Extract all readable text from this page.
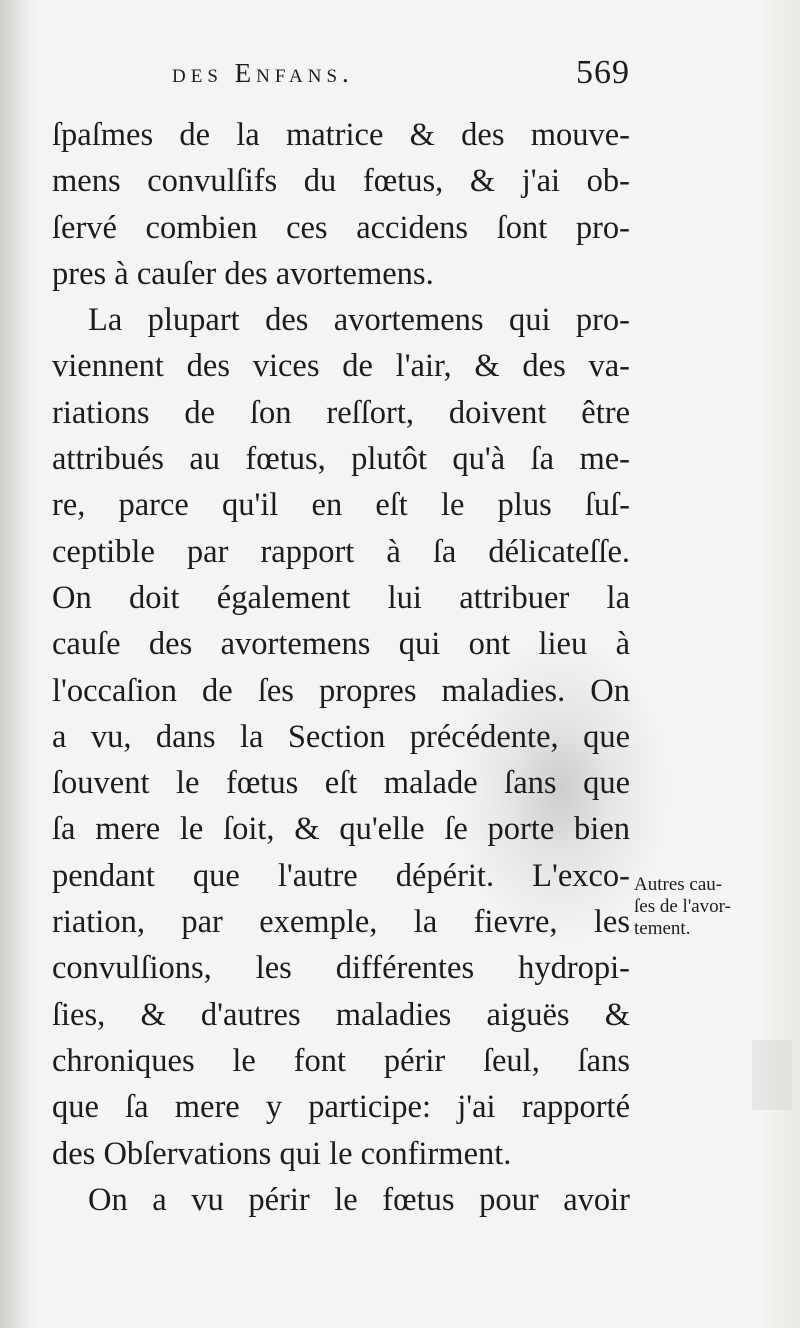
des Enfans.	569
ſpaſmes de la matrice & des mouve-
mens convulſifs du fœtus, & j'ai ob-
ſervé combien ces accidens ſont pro-
pres à cauſer des avortemens.
La plupart des avortemens qui pro-
viennent des vices de l'air, & des va-
riations de ſon reſſort, doivent être
attribués au fœtus, plutôt qu'à ſa me-
re, parce qu'il en eſt le plus ſuſ-
ceptible par rapport à ſa délicateſſe.
On doit également lui attribuer la
cauſe des avortemens qui ont lieu à
l'occaſion de ſes propres maladies. On
a vu, dans la Section précédente, que
ſouvent le fœtus eſt malade ſans que
ſa mere le ſoit, & qu'elle ſe porte bien
pendant que l'autre dépérit. L'exco-
riation, par exemple, la fievre, les
convulſions, les différentes hydropi-
ſies, & d'autres maladies aiguës &
chroniques le font périr ſeul, ſans
que ſa mere y participe: j'ai rapporté
des Obſervations qui le confirment.
On a vu périr le fœtus pour avoir
Autres cau-
ſes de l'avor-
tement.
